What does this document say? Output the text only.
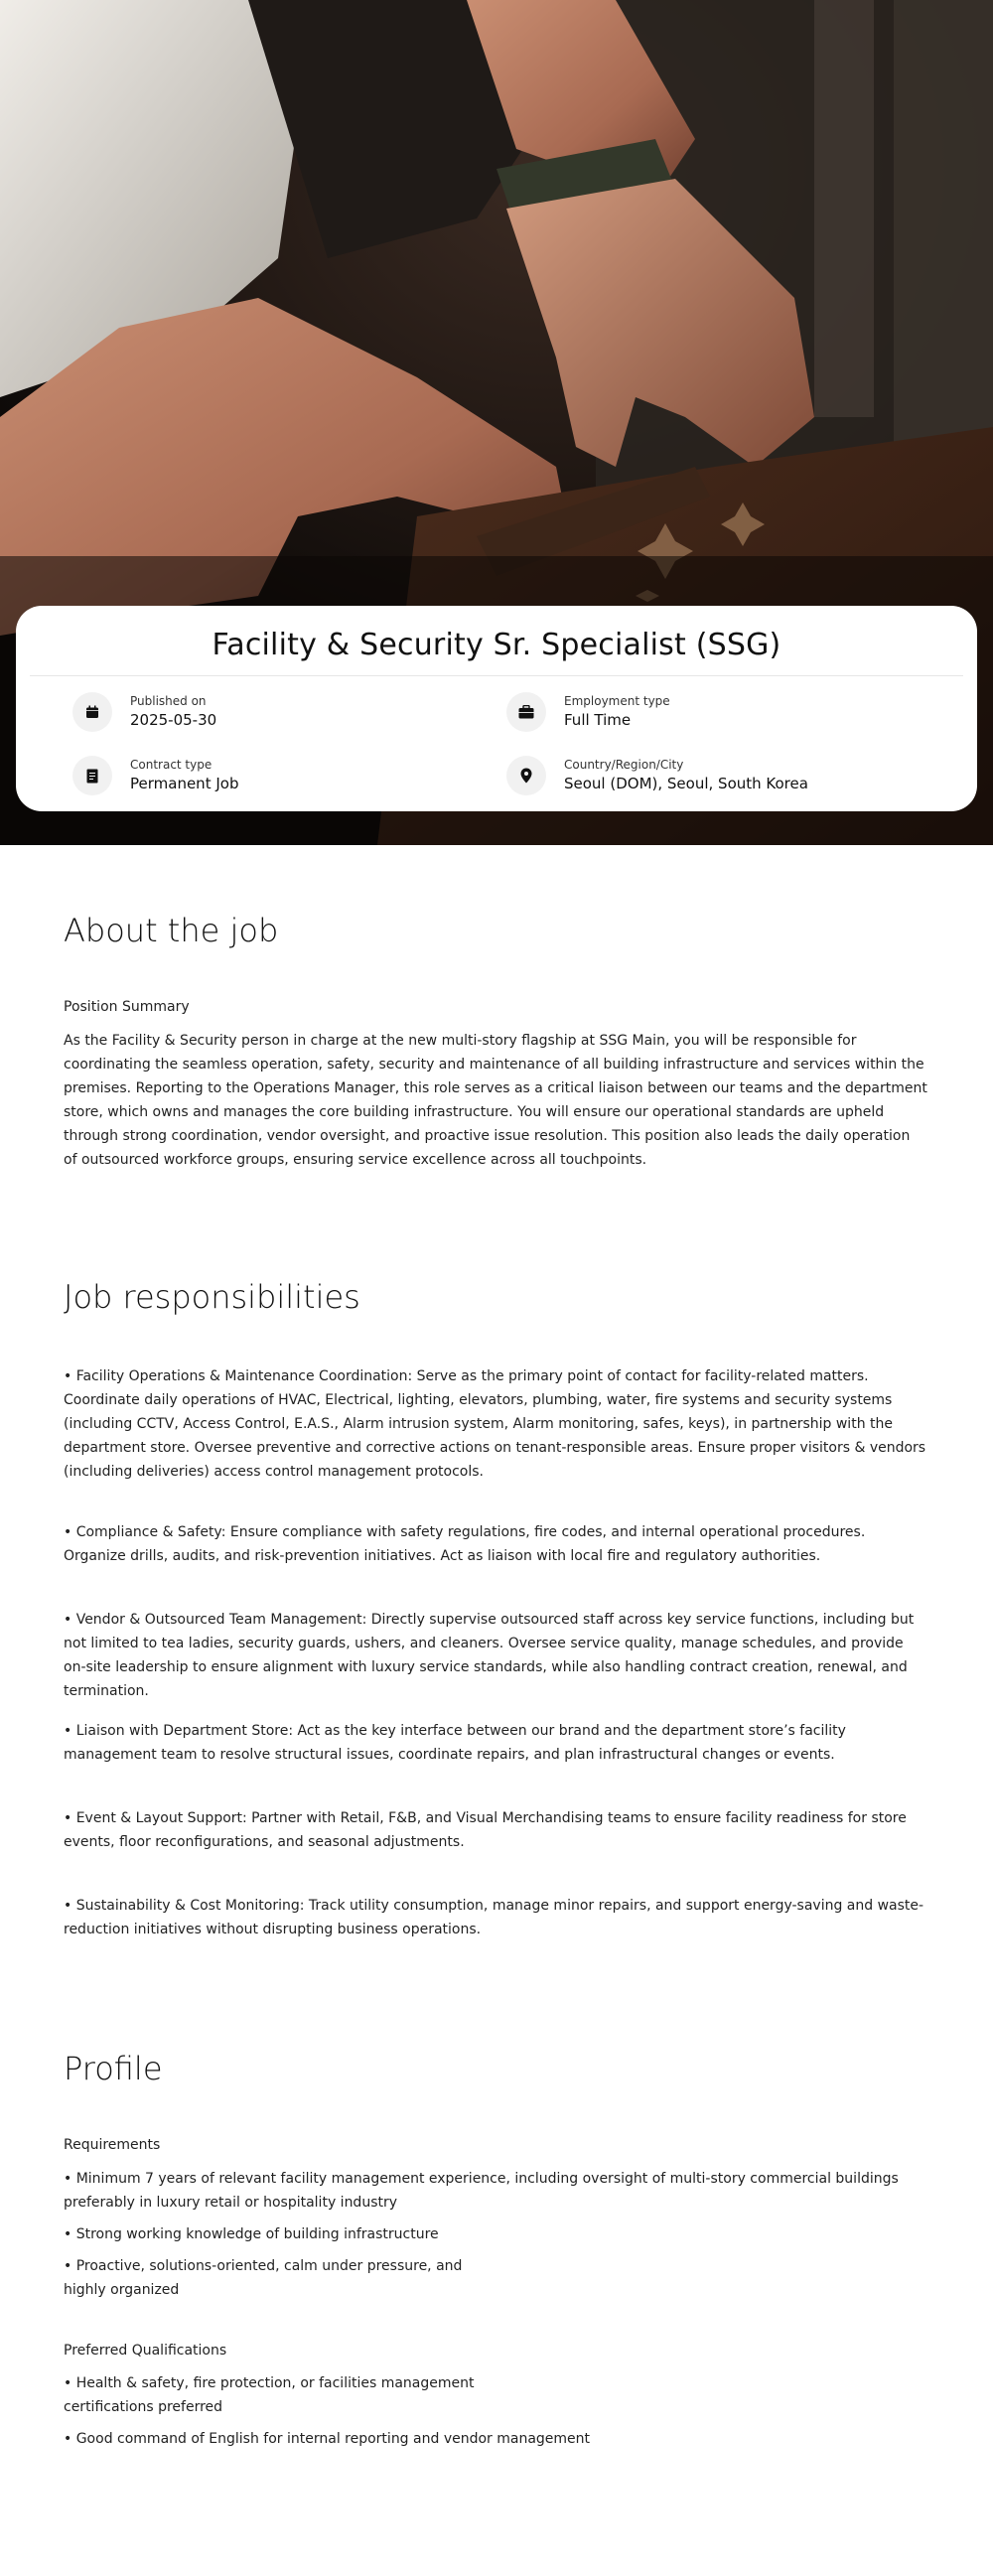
Facility & Security Sr. Specialist (SSG)
Published on
2025-05-30
Employment type
Full Time
Contract type
Permanent Job
Country/Region/City
Seoul (DOM), Seoul, South Korea
About the job
Position Summary

As the Facility & Security person in charge at the new multi-story flagship at SSG Main, you will be responsible for coordinating the seamless operation, safety, security and maintenance of all building infrastructure and services within the premises. Reporting to the Operations Manager, this role serves as a critical liaison between our teams and the department store, which owns and manages the core building infrastructure. You will ensure our operational standards are upheld through strong coordination, vendor oversight, and proactive issue resolution. This position also leads the daily operation of outsourced workforce groups, ensuring service excellence across all touchpoints.

Job responsibilities

• Facility Operations & Maintenance Coordination: Serve as the primary point of contact for facility-related matters. Coordinate daily operations of HVAC, Electrical, lighting, elevators, plumbing, water, fire systems and security systems (including CCTV, Access Control, E.A.S., Alarm intrusion system, Alarm monitoring, safes, keys), in partnership with the department store. Oversee preventive and corrective actions on tenant-responsible areas. Ensure proper visitors & vendors (including deliveries) access control management protocols.

• Compliance & Safety: Ensure compliance with safety regulations, fire codes, and internal operational procedures. Organize drills, audits, and risk-prevention initiatives. Act as liaison with local fire and regulatory authorities.

• Vendor & Outsourced Team Management: Directly supervise outsourced staff across key service functions, including but not limited to tea ladies, security guards, ushers, and cleaners. Oversee service quality, manage schedules, and provide on-site leadership to ensure alignment with luxury service standards, while also handling contract creation, renewal, and termination.

• Liaison with Department Store: Act as the key interface between our brand and the department store’s facility management team to resolve structural issues, coordinate repairs, and plan infrastructural changes or events.

• Event & Layout Support: Partner with Retail, F&B, and Visual Merchandising teams to ensure facility readiness for store events, floor reconfigurations, and seasonal adjustments.

• Sustainability & Cost Monitoring: Track utility consumption, manage minor repairs, and support energy-saving and waste-reduction initiatives without disrupting business operations.

Profile
Requirements

• Minimum 7 years of relevant facility management experience, including oversight of multi-story commercial buildings preferably in luxury retail or hospitality industry

• Strong working knowledge of building infrastructure

• Proactive, solutions-oriented, calm under pressure, and highly organized

Preferred Qualifications

• Health & safety, fire protection, or facilities management certifications preferred

• Good command of English for internal reporting and vendor management
